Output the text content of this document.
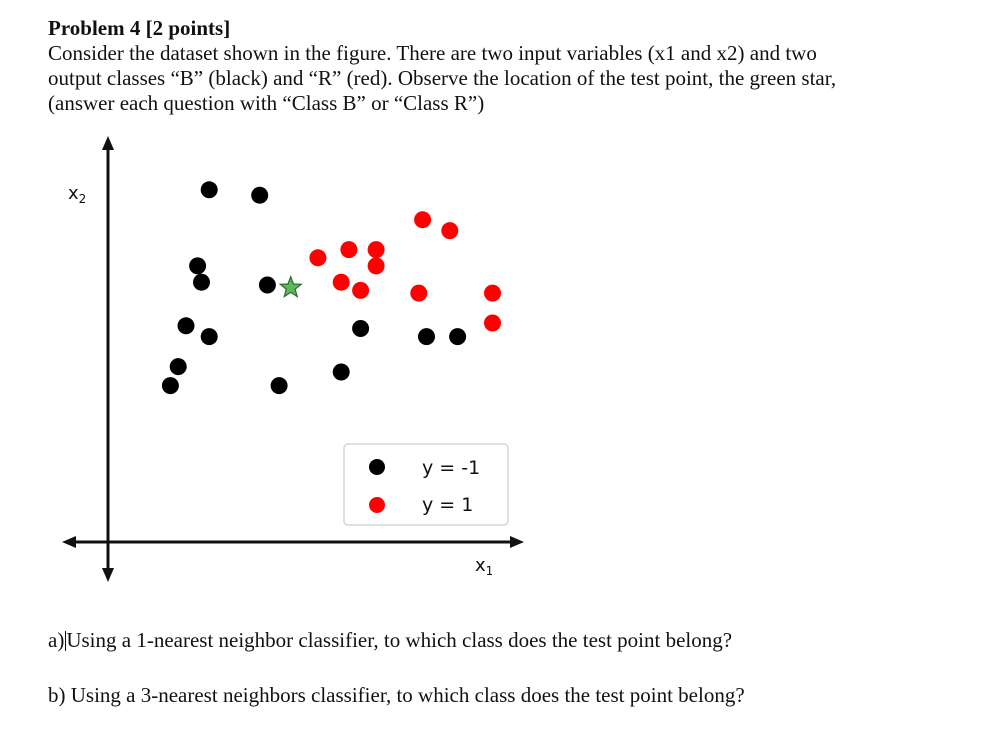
Problem 4 [2 points]
Consider the dataset shown in the figure. There are two input variables (x1 and x2) and two
output classes “B” (black) and “R” (red). Observe the location of the test point, the green star,
(answer each question with “Class B” or “Class R”)
$x_2$
$x_1$
y = -1
y = 1
a)Using a 1-nearest neighbor classifier, to which class does the test point belong?
b) Using a 3-nearest neighbors classifier, to which class does the test point belong?
